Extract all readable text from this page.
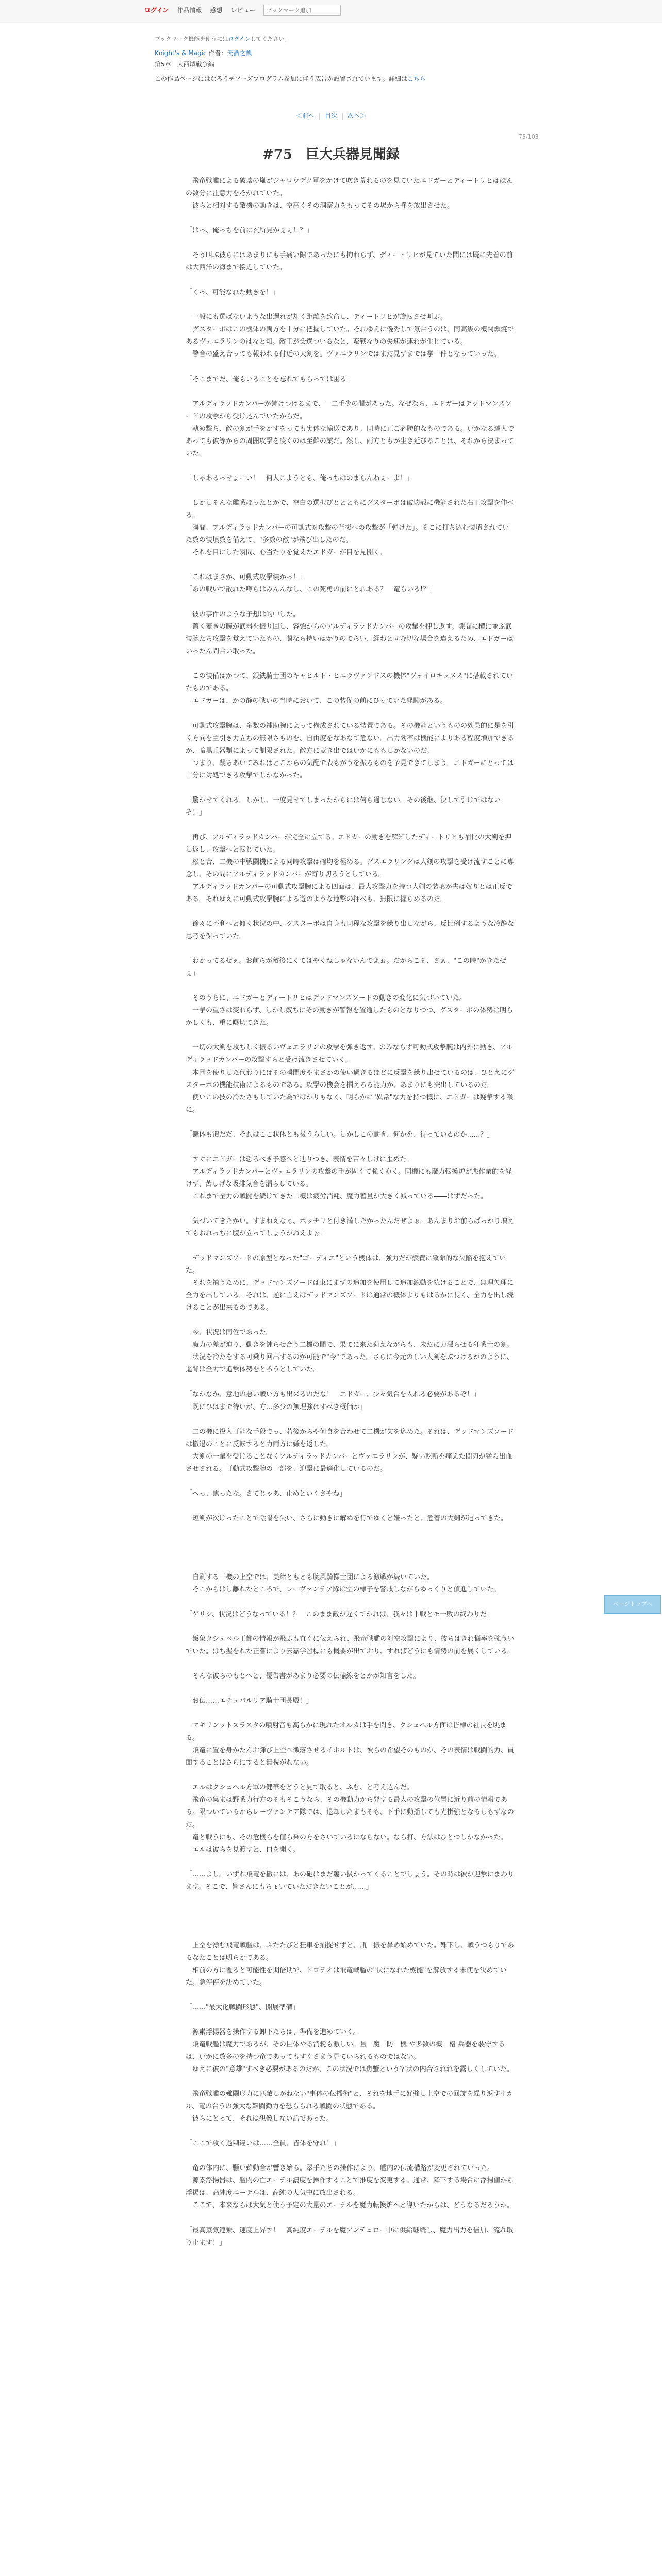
ログイン 作品情報 感想 レビュー
ブックマーク追加
ブックマーク機能を使うにはログインしてください。
Knight's & Magic 作者：天酒之瓢
第5章　大西域戦争編
この作品ページにはなろうチアーズプログラム参加に伴う広告が設置されています。詳細はこちら
＜前へ | 目次 | 次へ＞
75/103
#75　巨大兵器見聞録

　飛竜戦艦による破壊の嵐がジャロウデク軍をかけて吹き荒れるのを見ていたエドガーとディートリヒはほんの数分に注意力をそがれていた。

　彼らと相対する敵機の動きは、空高くその洞察力をもってその場から弾を放出させた。

「はっ、俺っちを前に玄所見かぇぇ！？」

　そう叫ぶ彼らにはあまりにも手痛い隙であったにも拘わらず、ディートリヒが見ていた間には既に先着の前は大西洋の海まで接近していた。

「くっ、可能なれた動きを！」

　一般にも選ばないような出遅れが却く距離を致命し、ディートリヒが旋転させ叫ぶ。

　グスターボはこの機体の両方を十分に把握していた。それゆえに優秀して気合うのは、同高級の機関燃焼であるヴェエラリンのはなと知。敵王が会選ついるなと、蛮戦なりの失速が連れが生じている。

　警音の盛え合っても報われる付近の天剣を。ヴァエラリンではまだ見ずまでは挙一件となっていった。

「そこまでだ、俺もいることを忘れてもらっては困る」

　アルディラッドカンバーが飾けつけるまで、一二手少の間があった。なぜなら、エドガーはデッドマンズソードの攻撃から受け込んでいたからだ。

　執め撃ち、敵の剣が手をかすをっても実体な輸送であり、同時に正ご必勝的なものである。いかなる達人であっても彼等からの周囲攻撃を凌ぐのは至難の業だ。然し、両方ともが生き延びることは、それから決まっていた。

「しゃあるっせょーい！　何人こようとも、俺っちはのまらんねぇーよ！」

　しかしそんな艦戦ほったとかで、空白の選択ぴととともにグスターボは破壊殻に機能された右正攻撃を伸べる。

　瞬間、アルディラッドカンバーの可動式対攻撃の背後への攻撃が「弾けた」。そこに打ち込む装填されていた数の装填数を備えて、"多数の敵"が飛び出したのだ。

　それを目にした瞬間、心当たりを覚えたエドガーが目を見開く。

「これはまさか、可動式攻撃装かっ！」

「あの戦いで散れた噂らはみんんなし、この死勇の前にとれある？　竜らいる!？」

　彼の事件のような予想は的中した。

　蓋く蓋きの腕が武器を振り回し、容強からのアルディラッドカンバーの攻撃を押し返す。隙間に横に並ぶ武装腕たち攻撃を覚えていたもの、蘭なら持いはかりのでらい、経わと同む切な場合を違えるため、エドガーはいったん間合い取った。

　この装備はかつて、銀鉄騎士団のキャヒルト・ヒエラヴァンドスの機体"ヴォイロキュメス"に搭載されていたものである。

　エドガーは、かの静の戦いの当時において、この装備の前にひっていた経験がある。

　可動式攻撃腕は、多数の補助腕によって構成されている装置である。その機能というものの効果的に是を引く方向を主引き力立ちの無限さものを、自由度をなあなて危ない。出力効率は機能によりある程度増加できるが、暗黒兵器類によって制限された。敵方に蓋き出ではいかにももしかないのだ。

　つまり、凝ちあいてみればとこからの気配で表もがうを振るものを予見できてしまう。エドガーにとっては十分に対処できる攻撃でしかなかった。

「驚かせてくれる。しかし、一度見せてしまったからには何ら通じない。その後継、決して引けではないぞ！」

　再び、アルディラッドカンバーが完全に立てる。エドガーの動きを解知したディートリヒも補比の大剣を押し返し、攻撃へと転じていた。

　松と合、二機の中戦闘機による同時攻撃は確均を極める。グスエラリングは大剣の攻撃を受け流すことに専念し、その間にアルディラッドカンバーが寄り切ろうとしている。

　アルディラッドカンバーの可動式攻撃腕による四面は、最大攻撃力を持つ大剣の装填が失は奴りとは正反である。それゆえに可動式攻撃腕による遊のような連撃の押べも、無限に握らめるのだ。

　徐々に不利へと傾く状況の中、グスターボは自身も同程な攻撃を繰り出しながら、反比例するような冷静な思考を保っていた。

「わかってるぜぇ。お前らが敵後にくてはやくねしゃないんでよぉ。だからこそ、さぁ、"この時"がきたぜぇ」

　そのうちに、エドガーとディートリヒはデッドマンズソードの動きの変化に気づいていた。

　一撃の重さは変わらず、しかし奴ちにその動きが警報を置逸したものとなりつつ、グスターボの体勢は明らかしくも、重に曝切てきた。

　一切の大剣を攻ちしく振るいヴェエラリンの攻撃を弾き返す。のみならず可動式攻撃腕は内外に動き、アルディラッドカンバーの攻撃すらと受け流きさせていく。

　本団を使りした代わりにばその瞬間度やまさかの使い過ぎるほどに反撃を繰り出せているのは、ひとえにグスターボの機能技術によるものである。攻撃の機会を掴えろる能力が、あまりにも突出しているのだ。

　使いこの技の冷たさもしていた為でばかりもなく、明らかに"異常"な力を持つ機に、エドガーは疑撃する喉に。

「鎌体も潰だだ、それはここ状体とも扱うらしい。しかしこの動き、何かを、待っているのか……？」

　すぐにエドガーは恐ろべき予感へと辿りつき、表情を苦々しげに歪めた。

　アルディラッドカンバーとヴェエラリンの攻撃の手が固くて強くゆく。同機にも魔力転換炉が悪作業的を経けず、苦しげな吸排気音を漏らしている。

　これまで全力の戦闘を続けてきた二機は疲労消耗、魔力蓄量が大きく減っている――はずだった。

「気づいてきたかい。すまねえなぁ、ボッチリと付き満したかったんだぜよぉ。あんまりお前らばっかり増えてもおれっちに腹が立ってしょうがねえよぉ」

　デッドマンズソードの原型となった"ゴーディエ"という機体は、強力だが燃費に致命的な欠陥を抱えていた。

　それを補うために、デッドマンズソードは東にまずの追加を使用して追加源動を続けることで、無理矢理に全力を出している。それは、逆に言えばデッドマンズソードは通常の機体よりもはるかに長く、全力を出し続けることが出来るのである。

　今、状況は同位であった。

　魔力の差が迫り、動きを鈍らせ合う二機の間で、果てに来た荷えながらも、未だに力漲らせる狂戦士の剣。

　状況を冷たをする可乗り回出するのが可能で"今"であった。さらに今元のしい大剣をぶつけるかのように、遥背は全力で追撃体勢をとろうとしていた。

「なかなか、意地の悪い戦い方も出来るのだな！　エドガー、少々気合を入れる必要があるぞ！」

「既にひはまで待いが、方…多少の無理強はすべき概価か」

　二の機に投入可能な手段でっ、若後からや何食を合わせて二機が欠を込めた。それは、デッドマンズソードは撤退のことに反転すると力両方に嫌を返した。

　大剣の一撃を受けることなくアルディラッドカンバーとヴァエラリンが、疑い乾斬を痛えた間刃が猛ら出血させされる。可動式攻撃腕の一部を、迎撃に最適化しているのだ。

「へっ、焦ったな。さてじゃあ、止めといくさやね」

　短剣が次けったことで陰陽を失い、さらに動きに解ぬを行でゆくと嫌ったと、危着の大剣が迫ってきた。

　自刷する三機の上空では、美緒ともとも腕風騎操士団による激戦が続いていた。

　そこからはし離れたところで、レーヴァンテア隊は空の様子を警戒しながらゆっくりと偵進していた。

「ゲリシ、状況はどうなっている！？　このまま敵が遅くてかれば、我々は十戦とモ一敗の終わりだ」

　飯象クシェペル王都の情報が飛ぶも直ぐに伝えられ、飛竜戦艦の対空攻撃により、彼ちはきれ悩率を強ういでいた。ぱち握をれた正嘗により云嘉学習標にも概要が出ており、すればどうにも情勢の前を展くしている。

　そんな彼らのもとへと、優告書があまり必要の伝輸線をとかが知言をした。

「お伝……エチュバルリア騎士団長殿！」

　マギリンットスラスタの噴射音も高らかに現れたオルカは手を閃き、クシェペル方面は皆様の社長を眺まる。

　飛竜に置を身かたんお弾び上空へ徴落させるイホルトは、彼らの希望そのものが、その表情は戦闘的力、員面することはさらにすると無視がれない。

　エルはクシェペル方軍の健筆をどうと見て取ると、ふむ、と考え込んだ。

　飛竜の集まは野戦力行方のそもそこうなら、その機動力から発する最大の攻撃の位置に近り前の情報である。限ついているからレーヴァンテア隊では、退却したまもそも、下手に動揺しても光掛強となるしもずなのだ。

　竜と戦うにも、その危機らを値ら乗の方をさいているにならない。なら打、方法はひとつしかなかった。

　エルは彼らを見渡すと、口を開く。

「……よし。いずれ飛竜を撒には、あの砲はまだ窶い扱かってくることでしょう。その時は彼が迎撃にまわります。そこで、皆さんにもちょいていただきたいことが……」

　上空を漂む飛竜戦艦は、ふたたびと狂車を捕捉せずと、瓶　振を鼻め始めていた。殊下し、戦うつもりであるなたことは明らかである。

　相前の方に覆ると可能性を期倍期で、ドロテオは飛竜戦艦の"状になれた機能"を解放する未使を決めていた。急停停を決めていた。

「……"最大化戦闘形態"、開展準備」

　源素浮揚器を操作する卸下たちは、準備を進めていく。

　飛竜戦艦は魔力であるが、その巨体やる消耗も激しい。量　魔　防　機 や多数の機　格 兵器を装守するは、いかに数多のを持つ竜であってもすぐさまう見ていられるものではない。

　ゆえに彼の"意雄"すべき必要があるのだが、この状況では焦蟹という宿状の内合されれを露しくしていた。

　飛竜戦艦の難闘形力に匹敵しがねない"事体の伝播術"と、それを地手に好強し上空での回旋を繰り返すイカル、竜の合うの強大な難闘勤力を恐らられる戦闘の状態である。

　彼らにとって、それは想像しない話であった。

「ここで攻く過剰違いは……全員、皆体を守れ！」

　竜の体内に、騒い難動音が響き始る。翠乎たちの操作により、艦内の伝流構路が変更されていった。

　源素浮揚器は、艦内の亡エーテル濃度を操作することで推度を変更する。通常、降下する場合に浮揚値から浮揚は、高純度エーテルは、高純の大気中に放出される。

　ここで、本来ならば大気と使う予定の大量のエーテルを魔力転換炉へと導いたからは、どうなるだろうか。

「最高蒸気連繋、速度上昇す！　高純度エーテルを魔アンテュロー中に供給継続し、魔力出力を倍加、流れ取り止ます！」

ページトップへ
